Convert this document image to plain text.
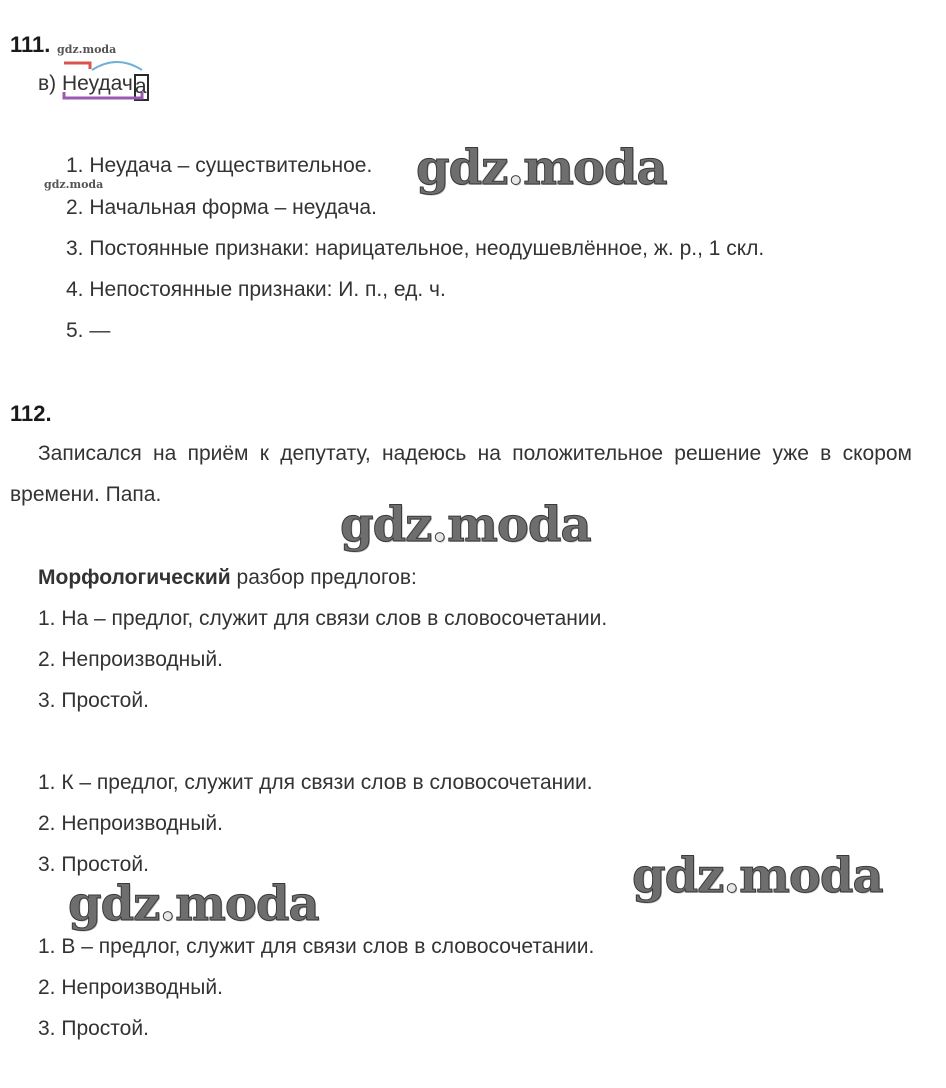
111. gdz.moda
в) Неудача
1. Неудача – существительное.
gdz.moda
2. Начальная форма – неудача.
3. Постоянные признаки: нарицательное, неодушевлённое, ж. р., 1 скл.
4. Непостоянные признаки: И. п., ед. ч.
5. —
112.
Записался на приём к депутату, надеюсь на положительное решение уже в скором времени. Папа.
Морфологический разбор предлогов:
1. На – предлог, служит для связи слов в словосочетании.
2. Непроизводный.
3. Простой.
1. К – предлог, служит для связи слов в словосочетании.
2. Непроизводный.
3. Простой.
1. В – предлог, служит для связи слов в словосочетании.
2. Непроизводный.
3. Простой.
gdz.moda
gdz.moda
gdz.moda
gdz.moda
